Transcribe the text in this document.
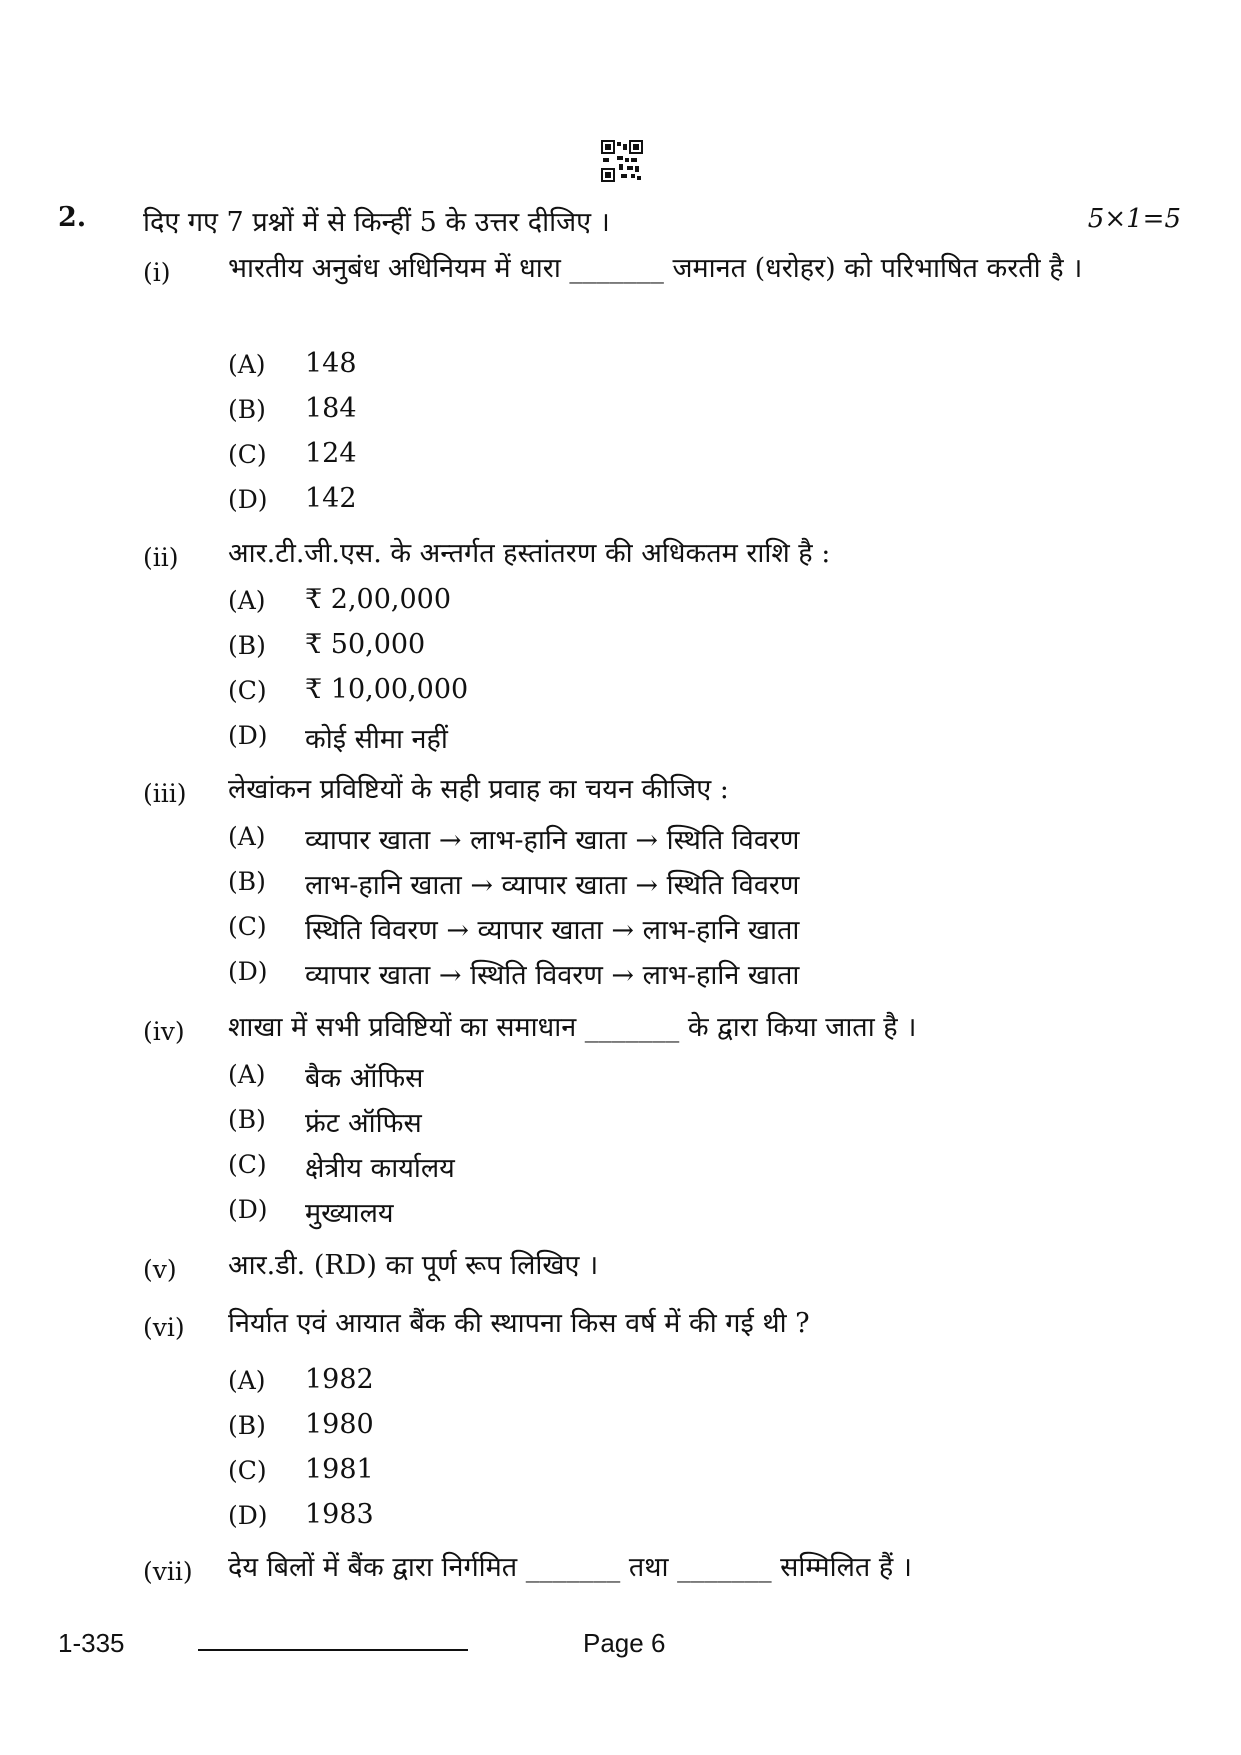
2. दिए गए 7 प्रश्नों में से किन्हीं 5 के उत्तर दीजिए ।	5×1=5
(i) भारतीय अनुबंध अधिनियम में धारा _______ जमानत (धरोहर) को परिभाषित करती है ।
(A) 148
(B) 184
(C) 124
(D) 142
(ii) आर.टी.जी.एस. के अन्तर्गत हस्तांतरण की अधिकतम राशि है :
(A) ₹ 2,00,000
(B) ₹ 50,000
(C) ₹ 10,00,000
(D) कोई सीमा नहीं
(iii) लेखांकन प्रविष्टियों के सही प्रवाह का चयन कीजिए :
(A) व्यापार खाता → लाभ-हानि खाता → स्थिति विवरण
(B) लाभ-हानि खाता → व्यापार खाता → स्थिति विवरण
(C) स्थिति विवरण → व्यापार खाता → लाभ-हानि खाता
(D) व्यापार खाता → स्थिति विवरण → लाभ-हानि खाता
(iv) शाखा में सभी प्रविष्टियों का समाधान _______ के द्वारा किया जाता है ।
(A) बैक ऑफिस
(B) फ्रंट ऑफिस
(C) क्षेत्रीय कार्यालय
(D) मुख्यालय
(v) आर.डी. (RD) का पूर्ण रूप लिखिए ।
(vi) निर्यात एवं आयात बैंक की स्थापना किस वर्ष में की गई थी ?
(A) 1982
(B) 1980
(C) 1981
(D) 1983
(vii) देय बिलों में बैंक द्वारा निर्गमित _______ तथा _______ सम्मिलित हैं ।
1-335	Page 6
